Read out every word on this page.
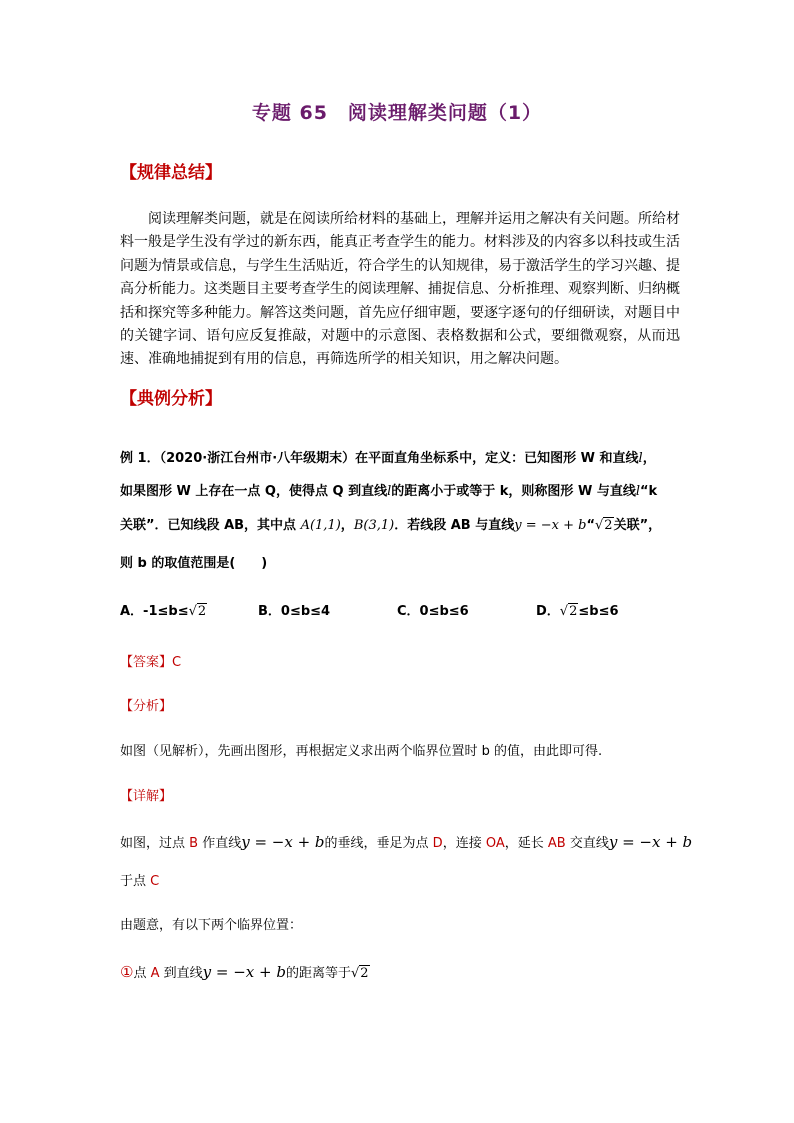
专题 65　阅读理解类问题（1）
【规律总结】

阅读理解类问题，就是在阅读所给材料的基础上，理解并运用之解决有关问题。所给材料一般是学生没有学过的新东西，能真正考查学生的能力。材料涉及的内容多以科技或生活问题为情景或信息，与学生生活贴近，符合学生的认知规律，易于激活学生的学习兴趣、提高分析能力。这类题目主要考查学生的阅读理解、捕捉信息、分析推理、观察判断、归纳概括和探究等多种能力。解答这类问题，首先应仔细审题，要逐字逐句的仔细研读，对题目中的关键字词、语句应反复推敲，对题中的示意图、表格数据和公式，要细微观察，从而迅速、准确地捕捉到有用的信息，再筛选所学的相关知识，用之解决问题。

【典例分析】
例 1．（2020·浙江台州市·八年级期末）在平面直角坐标系中，定义：已知图形 W 和直线l，
如果图形 W 上存在一点 Q，使得点 Q 到直线l的距离小于或等于 k，则称图形 W 与直线l“k
关联”．已知线段 AB，其中点 A(1,1)，B(3,1)．若线段 AB 与直线y = −x + b“√2关联”，
则 b 的取值范围是(　　)
A．-1≤b≤√2	B．0≤b≤4	C．0≤b≤6	D．√2≤b≤6
【答案】C
【分析】
如图（见解析），先画出图形，再根据定义求出两个临界位置时 b 的值，由此即可得.
【详解】
如图，过点 B 作直线y = −x + b的垂线，垂足为点 D，连接 OA，延长 AB 交直线y = −x + b
于点 C
由题意，有以下两个临界位置：
①点 A 到直线y = −x + b的距离等于√2
